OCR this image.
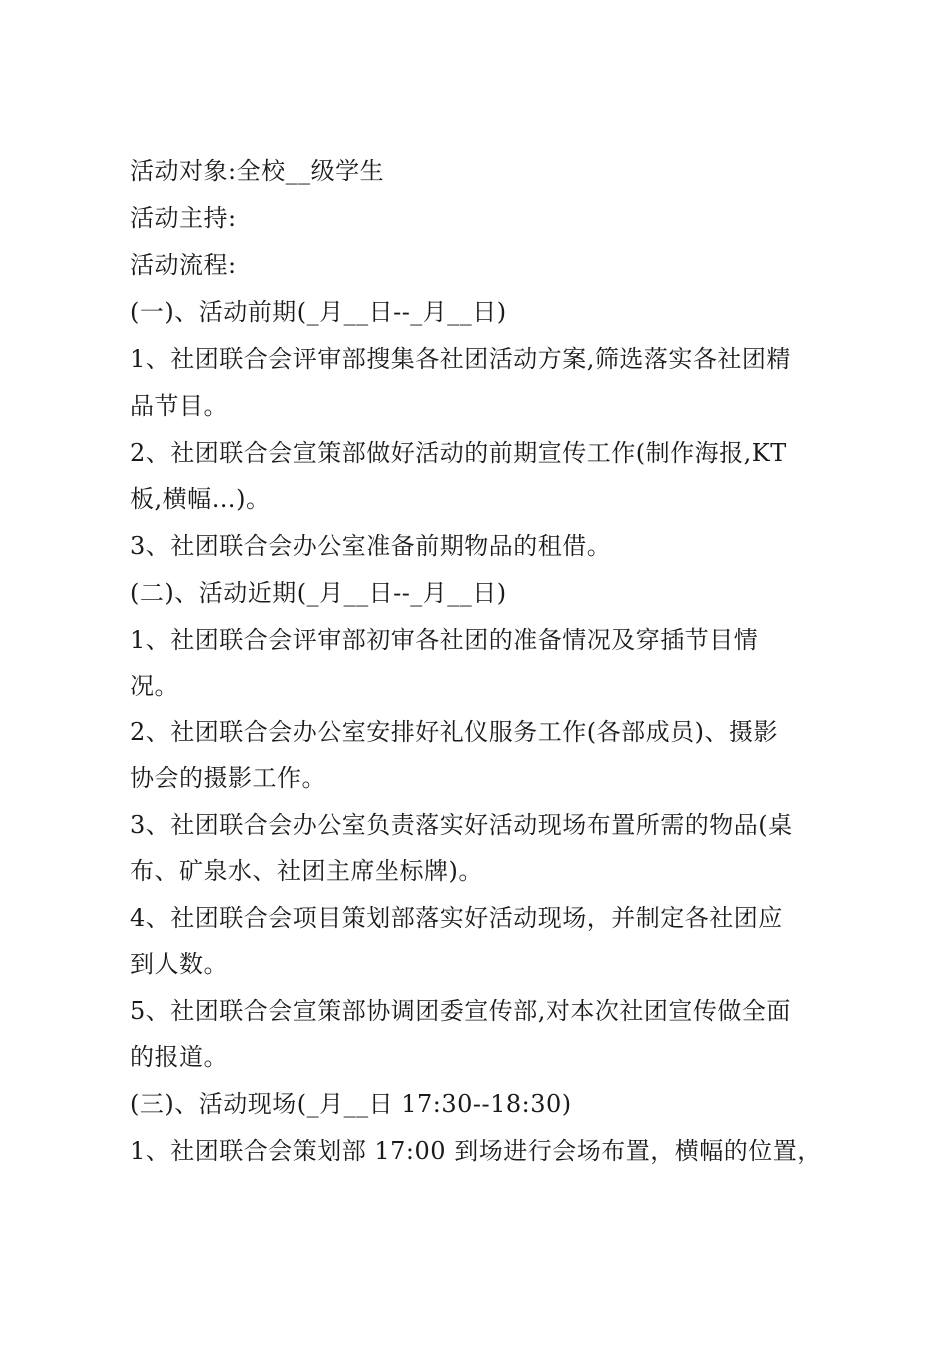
活动对象:全校__级学生
活动主持:
活动流程:
(一)、活动前期(_月__日--_月__日)
1、社团联合会评审部搜集各社团活动方案,筛选落实各社团精
品节目。
2、社团联合会宣策部做好活动的前期宣传工作(制作海报,KT
板,横幅…)。
3、社团联合会办公室准备前期物品的租借。
(二)、活动近期(_月__日--_月__日)
1、社团联合会评审部初审各社团的准备情况及穿插节目情
况。
2、社团联合会办公室安排好礼仪服务工作(各部成员)、摄影
协会的摄影工作。
3、社团联合会办公室负责落实好活动现场布置所需的物品(桌
布、矿泉水、社团主席坐标牌)。
4、社团联合会项目策划部落实好活动现场，并制定各社团应
到人数。
5、社团联合会宣策部协调团委宣传部,对本次社团宣传做全面
的报道。
(三)、活动现场(_月__日 17:30--18:30)
1、社团联合会策划部 17:00 到场进行会场布置，横幅的位置，
